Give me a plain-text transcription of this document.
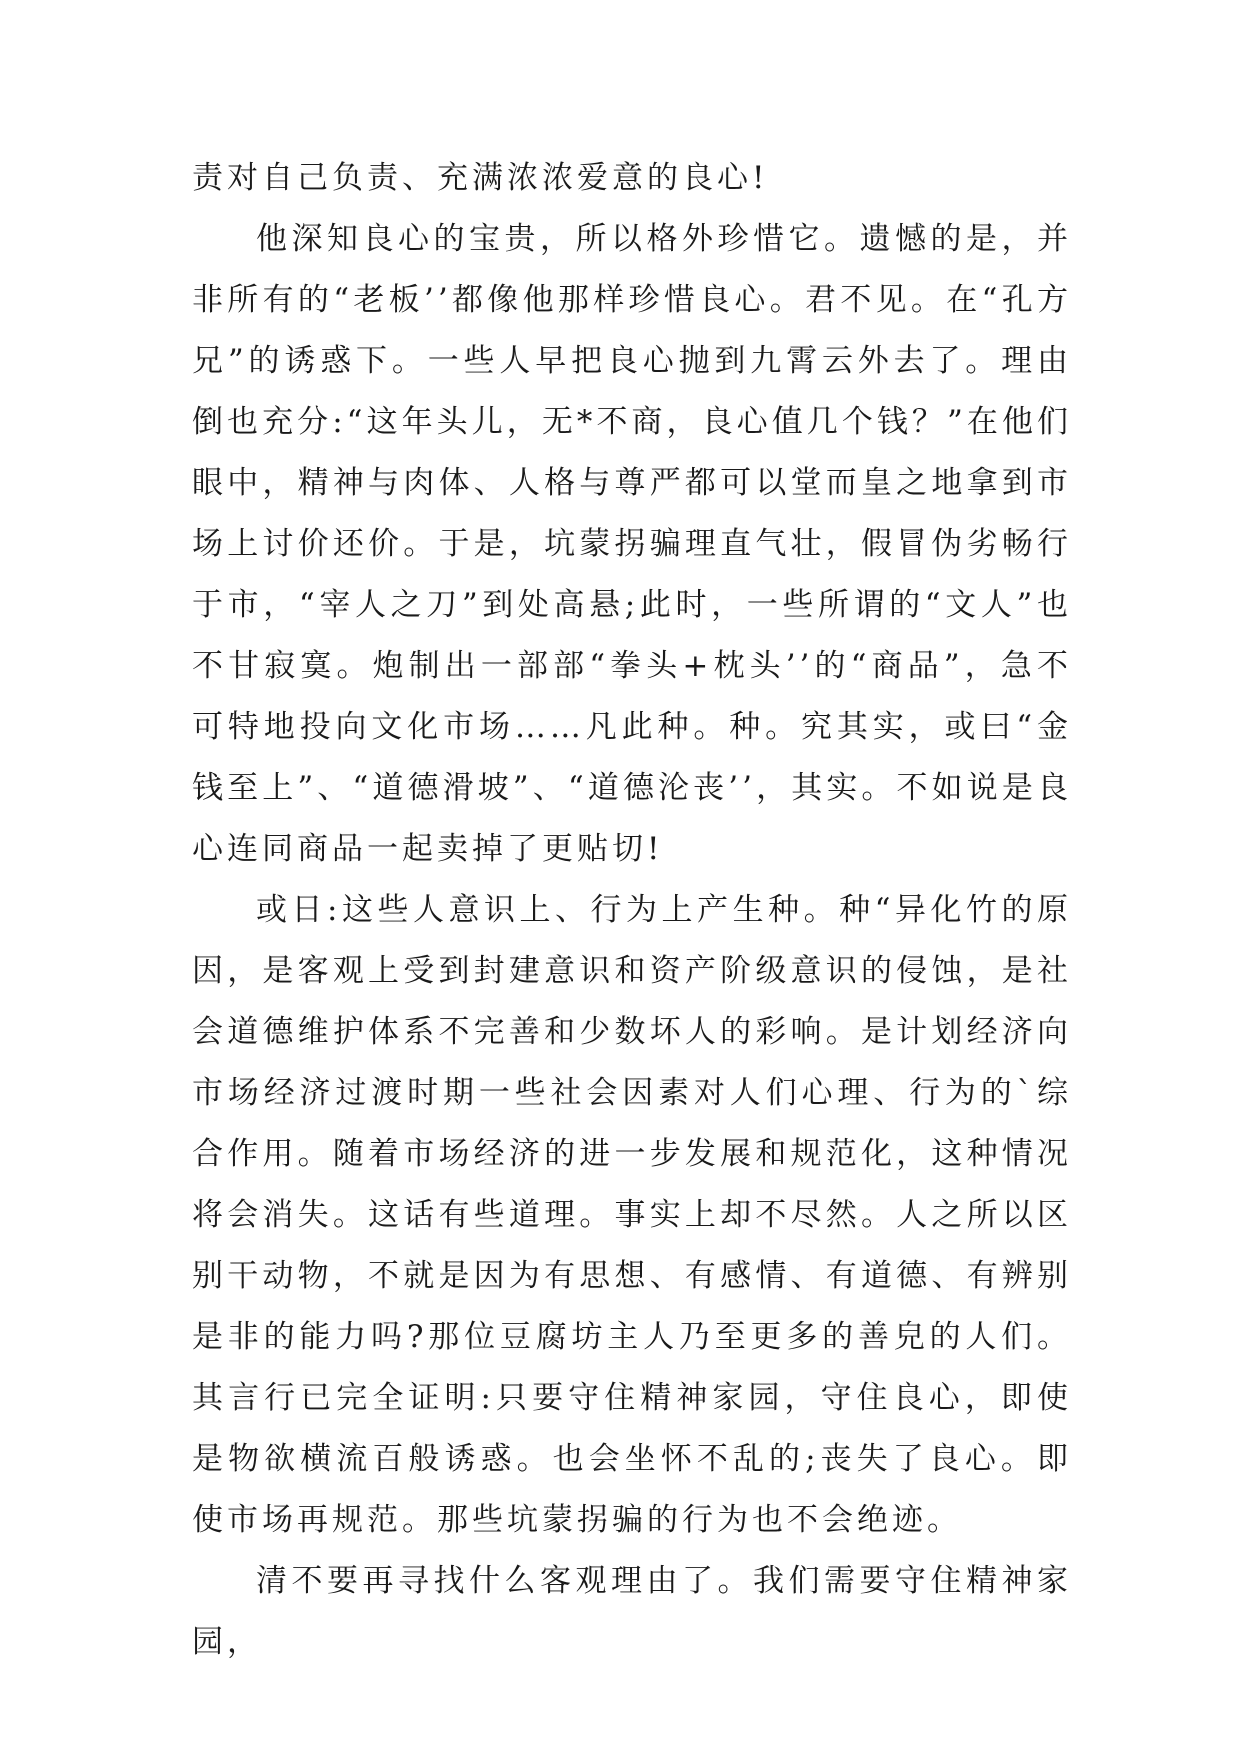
责对自己负责、充满浓浓爱意的良心!

他深知良心的宝贵，所以格外珍惜它。遗憾的是，并非所有的“老板’’都像他那样珍惜良心。君不见。在“孔方兄”的诱惑下。一些人早把良心抛到九霄云外去了。理由倒也充分:“这年头儿，无*不商，良心值几个钱？”在他们眼中，精神与肉体、人格与尊严都可以堂而皇之地拿到市场上讨价还价。于是，坑蒙拐骗理直气壮，假冒伪劣畅行于市，“宰人之刀”到处高悬;此时，一些所谓的“文人”也不甘寂寞。炮制出一部部“拳头+枕头’’的“商品”，急不可特地投向文化市场……凡此种。种。究其实，或曰“金钱至上”、“道德滑坡”、“道德沦丧’’，其实。不如说是良心连同商品一起卖掉了更贴切!

或日:这些人意识上、行为上产生种。种“异化竹的原因，是客观上受到封建意识和资产阶级意识的侵蚀，是社会道德维护体系不完善和少数坏人的彩响。是计划经济向市场经济过渡时期一些社会因素对人们心理、行为的`综合作用。随着市场经济的进一步发展和规范化，这种情况将会消失。这话有些道理。事实上却不尽然。人之所以区别干动物，不就是因为有思想、有感情、有道德、有辨别是非的能力吗?那位豆腐坊主人乃至更多的善皃的人们。其言行已完全证明:只要守住精神家园，守住良心，即使是物欲横流百般诱惑。也会坐怀不乱的;丧失了良心。即使市场再规范。那些坑蒙拐骗的行为也不会绝迹。

清不要再寻找什么客观理由了。我们需要守住精神家园，
